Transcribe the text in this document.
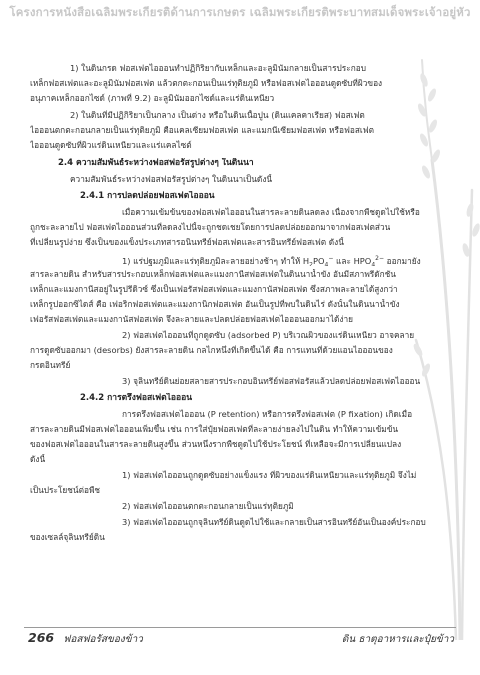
โครงการหนังสือเฉลิมพระเกียรติด้านการเกษตร เฉลิมพระเกียรติพระบาทสมเด็จพระเจ้าอยู่หัว
1) ในดินกรด ฟอสเฟตไอออนทำปฏิกิริยากับเหล็กและอะลูมินัมกลายเป็นสารประกอบ
เหล็กฟอสเฟตและอะลูมินัมฟอสเฟต แล้วตกตะกอนเป็นแร่ทุติยภูมิ หรือฟอสเฟตไอออนดูดซับที่ผิวของ
อนุภาคเหล็กออกไซด์ (ภาพที่ 9.2) อะลูมินัมออกไซด์และแร่ดินเหนียว
2) ในดินที่มีปฏิกิริยาเป็นกลาง เป็นด่าง หรือในดินเนื้อปูน (ดินแคลคาเรียส) ฟอสเฟต
ไอออนตกตะกอนกลายเป็นแร่ทุติยภูมิ คือแคลเซียมฟอสเฟต และแมกนีเซียมฟอสเฟต หรือฟอสเฟต
ไอออนดูดซับที่ผิวแร่ดินเหนียวและแร่แคลไซต์
2.4 ความสัมพันธ์ระหว่างฟอสฟอรัสรูปต่างๆ ในดินนา
ความสัมพันธ์ระหว่างฟอสฟอรัสรูปต่างๆ ในดินนาเป็นดังนี้
2.4.1 การปลดปล่อยฟอสเฟตไอออน
เมื่อความเข้มข้นของฟอสเฟตไอออนในสารละลายดินลดลง เนื่องจากพืชดูดไปใช้หรือ
ถูกชะละลายไป ฟอสเฟตไอออนส่วนที่ลดลงไปนี้จะถูกชดเชยโดยการปลดปล่อยออกมาจากฟอสเฟตส่วน
ที่เปลี่ยนรูปง่าย ซึ่งเป็นของแข็งประเภทสารอนินทรีย์ฟอสเฟตและสารอินทรีย์ฟอสเฟต ดังนี้
1) แร่ปฐมภูมิและแร่ทุติยภูมิละลายอย่างช้าๆ ทำให้ $H_2PO_4^-$ และ $HPO_4^{2-}$ ออกมายัง
สารละลายดิน สำหรับสารประกอบเหล็กฟอสเฟตและแมงกานีสฟอสเฟตในดินนาน้ำขัง อันมีสภาพรีดักชัน
เหล็กและแมงกานีสอยู่ในรูปรีดิวซ์ ซึ่งเป็นเฟอรัสฟอสเฟตและแมงกานัสฟอสเฟต ซึ่งสภาพละลายได้สูงกว่า
เหล็กรูปออกซิไดส์ คือ เฟอริกฟอสเฟตและแมงกานิกฟอสเฟต อันเป็นรูปที่พบในดินไร่ ดังนั้นในดินนาน้ำขัง
เฟอรัสฟอสเฟตและแมงกานัสฟอสเฟต จึงละลายและปลดปล่อยฟอสเฟตไอออนออกมาได้ง่าย
2) ฟอสเฟตไอออนที่ถูกดูดซับ (adsorbed P) บริเวณผิวของแร่ดินเหนียว อาจคลาย
การดูดซับออกมา (desorbs) ยังสารละลายดิน กลไกหนึ่งที่เกิดขึ้นได้ คือ การแทนที่ด้วยแอนไอออนของ
กรดอินทรีย์
3) จุลินทรีย์ดินย่อยสลายสารประกอบอินทรีย์ฟอสฟอรัสแล้วปลดปล่อยฟอสเฟตไอออน
2.4.2 การตรึงฟอสเฟตไอออน
การตรึงฟอสเฟตไอออน (P retention) หรือการตรึงฟอสเฟต (P fixation) เกิดเมื่อ
สารละลายดินมีฟอสเฟตไอออนเพิ่มขึ้น เช่น การใส่ปุ๋ยฟอสเฟตที่ละลายง่ายลงไปในดิน ทำให้ความเข้มข้น
ของฟอสเฟตไอออนในสารละลายดินสูงขึ้น ส่วนหนึ่งรากพืชดูดไปใช้ประโยชน์ ที่เหลือจะมีการเปลี่ยนแปลง
ดังนี้
1) ฟอสเฟตไอออนถูกดูดซับอย่างแข็งแรง ที่ผิวของแร่ดินเหนียวและแร่ทุติยภูมิ จึงไม่
เป็นประโยชน์ต่อพืช
2) ฟอสเฟตไอออนตกตะกอนกลายเป็นแร่ทุติยภูมิ
3) ฟอสเฟตไอออนถูกจุลินทรีย์ดินดูดไปใช้และกลายเป็นสารอินทรีย์อันเป็นองค์ประกอบ
ของเซลล์จุลินทรีย์ดิน
266 ฟอสฟอรัสของข้าว	ดิน ธาตุอาหารและปุ๋ยข้าว
